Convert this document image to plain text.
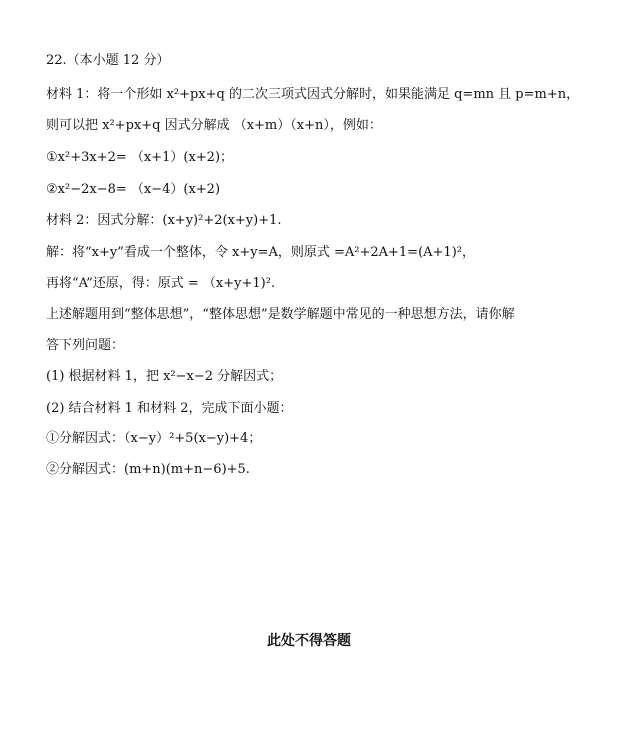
22.（本小题 12 分）
材料 1：将一个形如 x²+px+q 的二次三项式因式分解时，如果能满足 q=mn 且 p=m+n，
则可以把 x²+px+q 因式分解成 （x+m）（x+n），例如：
①x²+3x+2= （x+1）(x+2)；
②x²−2x−8= （x−4）(x+2)
材料 2：因式分解：(x+y)²+2(x+y)+1.
解：将“x+y”看成一个整体，令 x+y=A，则原式 =A²+2A+1=(A+1)²，
再将“A”还原，得：原式 = （x+y+1)².
上述解题用到“整体思想”，“整体思想”是数学解题中常见的一种思想方法，请你解
答下列问题：
(1) 根据材料 1，把 x²−x−2 分解因式；
(2) 结合材料 1 和材料 2，完成下面小题：
①分解因式：（x−y）²+5(x−y)+4；
②分解因式：(m+n)(m+n−6)+5.
此处不得答题
